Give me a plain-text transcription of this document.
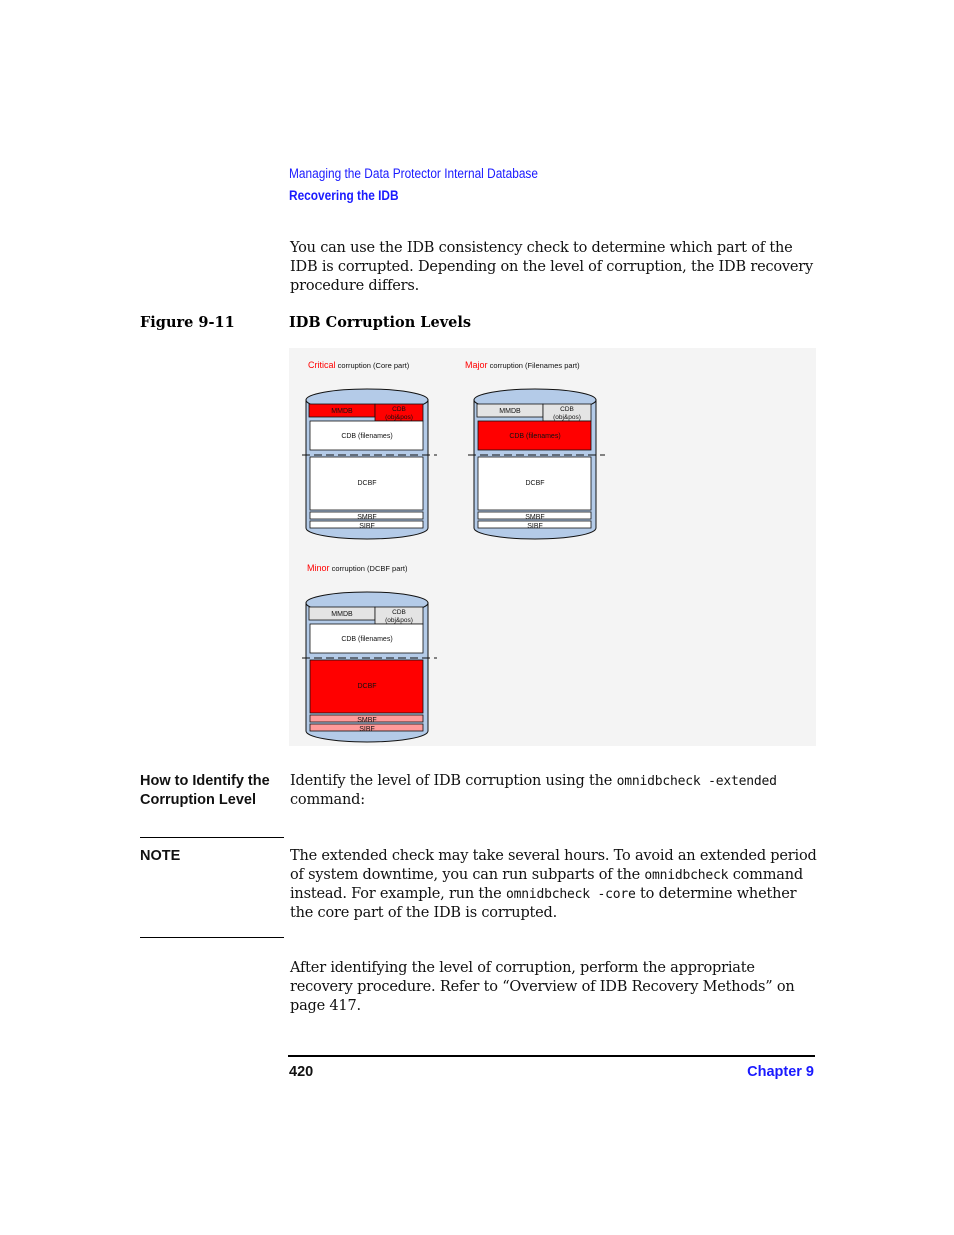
Managing the Data Protector Internal Database
Recovering the IDB
You can use the IDB consistency check to determine which part of the
IDB is corrupted. Depending on the level of corruption, the IDB recovery
procedure differs.
Figure 9-11	IDB Corruption Levels
Critical corruption (Core part)
MMDB	CDB
(obj&pos)
CDB (filenames)
DCBF
SMBF
SIBF
Major corruption (Filenames part)
MMDB	CDB
(obj&pos)
CDB (filenames)
DCBF
SMBF
SIBF
Minor corruption (DCBF part)
MMDB	CDB
(obj&pos)
CDB (filenames)
DCBF
SMBF
SIBF
How to Identify the
Corruption Level
Identify the level of IDB corruption using the omnidbcheck -extended
command:
NOTE	The extended check may take several hours. To avoid an extended period
of system downtime, you can run subparts of the omnidbcheck command
instead. For example, run the omnidbcheck -core to determine whether
the core part of the IDB is corrupted.
After identifying the level of corruption, perform the appropriate
recovery procedure. Refer to “Overview of IDB Recovery Methods” on
page 417.
420	Chapter 9
